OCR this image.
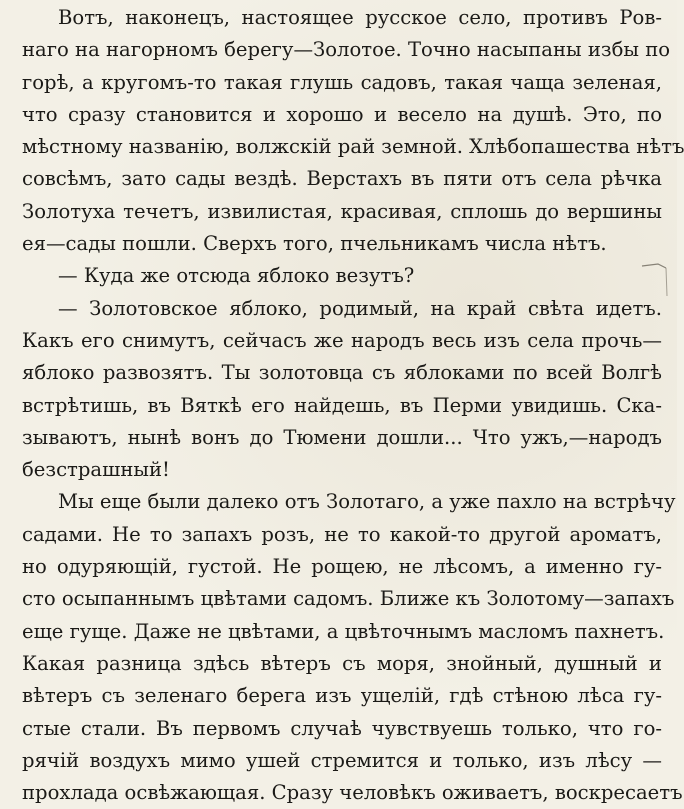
Вотъ, наконецъ, настоящее русское село, противъ Ров-
наго на нагорномъ берегу—Золотое. Точно насыпаны избы по
горѣ, а кругомъ-то такая глушь садовъ, такая чаща зеленая,
что сразу становится и хорошо и весело на душѣ. Это, по
мѣстному названію, волжскій рай земной. Хлѣбопашества нѣтъ
совсѣмъ, зато сады вездѣ. Верстахъ въ пяти отъ села рѣчка
Золотуха течетъ, извилистая, красивая, сплошь до вершины
ея—сады пошли. Сверхъ того, пчельникамъ числа нѣтъ.
— Куда же отсюда яблоко везутъ?
— Золотовское яблоко, родимый, на край свѣта идетъ.
Какъ его снимутъ, сейчасъ же народъ весь изъ села прочь—
яблоко развозятъ. Ты золотовца съ яблоками по всей Волгѣ
встрѣтишь, въ Вяткѣ его найдешь, въ Перми увидишь. Ска-
зываютъ, нынѣ вонъ до Тюмени дошли... Что ужъ,—народъ
безстрашный!
Мы еще были далеко отъ Золотаго, а уже пахло на встрѣчу
садами. Не то запахъ розъ, не то какой-то другой ароматъ,
но одуряющій, густой. Не рощею, не лѣсомъ, а именно гу-
сто осыпаннымъ цвѣтами садомъ. Ближе къ Золотому—запахъ
еще гуще. Даже не цвѣтами, а цвѣточнымъ масломъ пахнетъ.
Какая разница здѣсь вѣтеръ съ моря, знойный, душный и
вѣтеръ съ зеленаго берега изъ ущелій, гдѣ стѣною лѣса гу-
стые стали. Въ первомъ случаѣ чувствуешь только, что го-
рячій воздухъ мимо ушей стремится и только, изъ лѣсу —
прохлада освѣжающая. Сразу человѣкъ оживаетъ, воскресаетъ
